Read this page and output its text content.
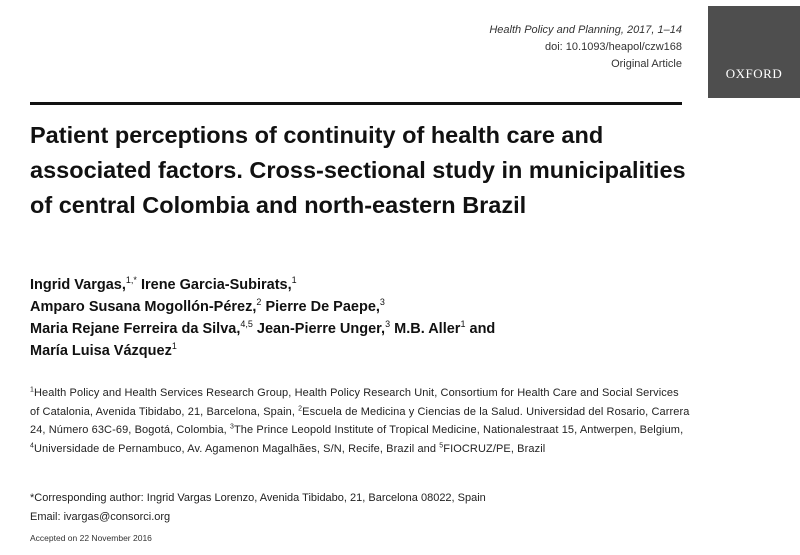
Health Policy and Planning, 2017, 1–14
doi: 10.1093/heapol/czw168
Original Article
OXFORD
Patient perceptions of continuity of health care and associated factors. Cross-sectional study in municipalities of central Colombia and north-eastern Brazil
Ingrid Vargas,$^{1,*}$ Irene Garcia-Subirats,$^1$
Amparo Susana Mogollón-Pérez,$^2$ Pierre De Paepe,$^3$
Maria Rejane Ferreira da Silva,$^{4,5}$ Jean-Pierre Unger,$^3$ M.B. Aller$^1$ and
María Luisa Vázquez$^1$
$^1$Health Policy and Health Services Research Group, Health Policy Research Unit, Consortium for Health Care and Social Services of Catalonia, Avenida Tibidabo, 21, Barcelona, Spain, $^2$Escuela de Medicina y Ciencias de la Salud. Universidad del Rosario, Carrera 24, Número 63C-69, Bogotá, Colombia, $^3$The Prince Leopold Institute of Tropical Medicine, Nationalestraat 15, Antwerpen, Belgium, $^4$Universidade de Pernambuco, Av. Agamenon Magalhães, S/N, Recife, Brazil and $^5$FIOCRUZ/PE, Brazil
*Corresponding author: Ingrid Vargas Lorenzo, Avenida Tibidabo, 21, Barcelona 08022, Spain
Email: ivargas@consorci.org
Accepted on 22 November 2016
